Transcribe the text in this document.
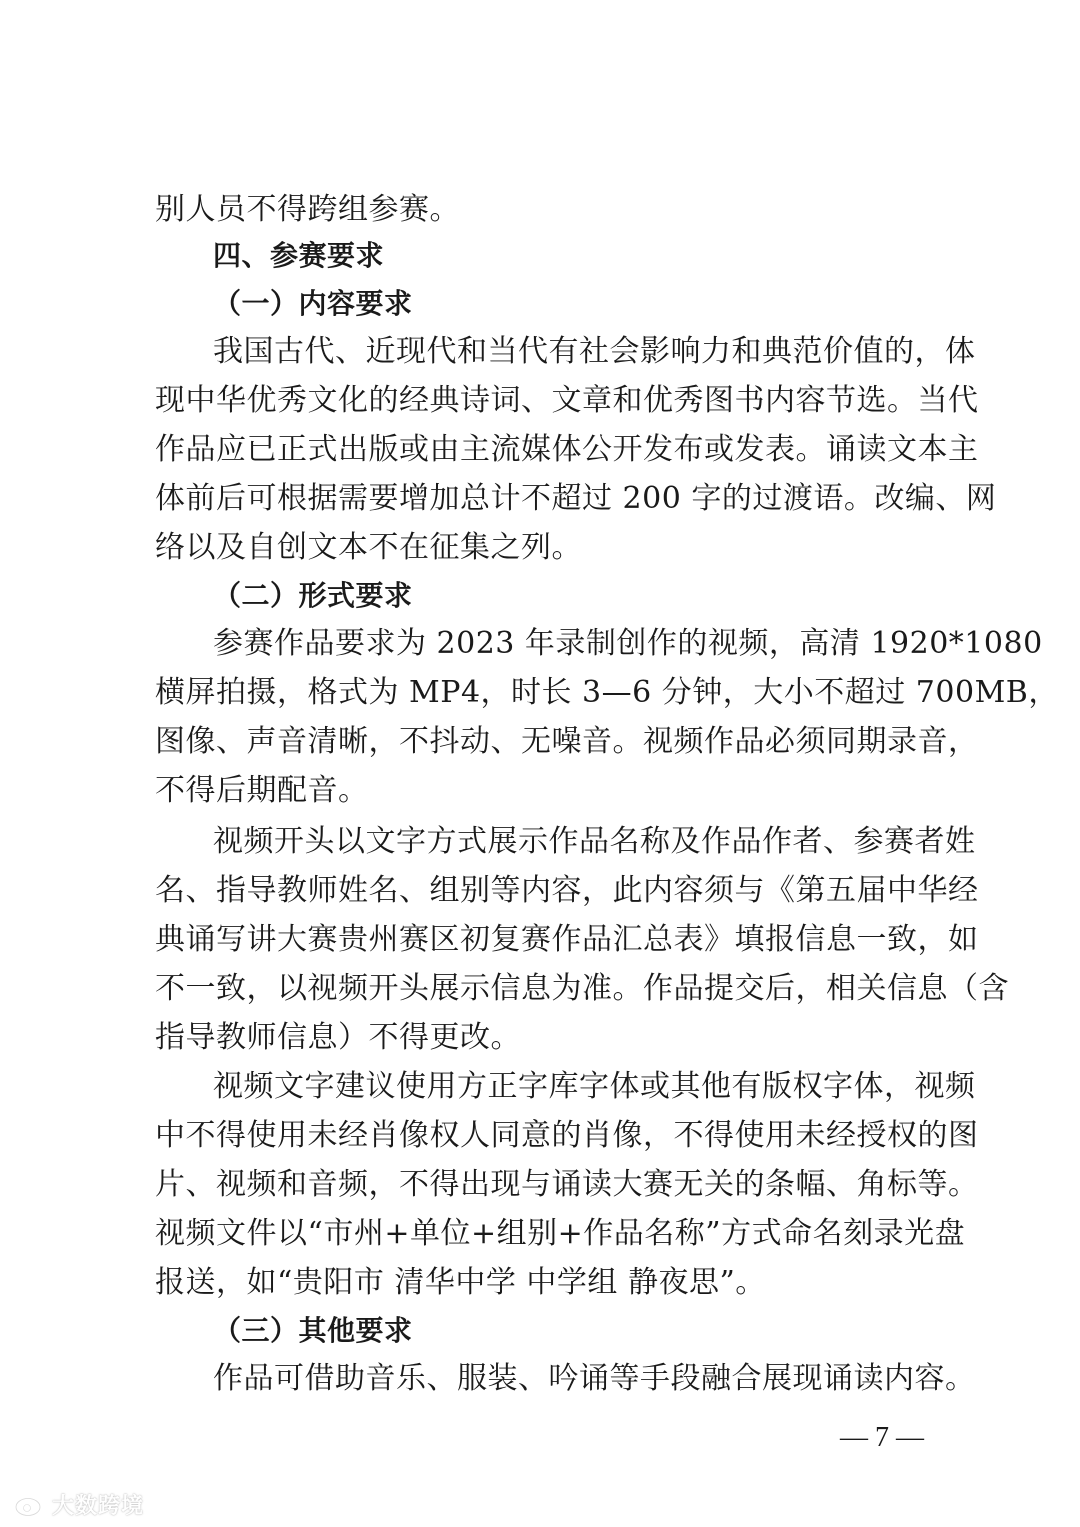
别人员不得跨组参赛。
四、参赛要求
（一）内容要求
我国古代、近现代和当代有社会影响力和典范价值的，体
现中华优秀文化的经典诗词、文章和优秀图书内容节选。当代
作品应已正式出版或由主流媒体公开发布或发表。诵读文本主
体前后可根据需要增加总计不超过 200 字的过渡语。改编、网
络以及自创文本不在征集之列。
（二）形式要求
参赛作品要求为 2023 年录制创作的视频，高清 1920*1080
横屏拍摄，格式为 MP4，时长 3—6 分钟，大小不超过 700MB，
图像、声音清晰，不抖动、无噪音。视频作品必须同期录音，
不得后期配音。
视频开头以文字方式展示作品名称及作品作者、参赛者姓
名、指导教师姓名、组别等内容，此内容须与《第五届中华经
典诵写讲大赛贵州赛区初复赛作品汇总表》填报信息一致，如
不一致，以视频开头展示信息为准。作品提交后，相关信息（含
指导教师信息）不得更改。
视频文字建议使用方正字库字体或其他有版权字体，视频
中不得使用未经肖像权人同意的肖像，不得使用未经授权的图
片、视频和音频，不得出现与诵读大赛无关的条幅、角标等。
视频文件以“市州+单位+组别+作品名称”方式命名刻录光盘
报送，如“贵阳市 清华中学 中学组 静夜思”。
（三）其他要求
作品可借助音乐、服装、吟诵等手段融合展现诵读内容。
— 7 —
大数跨境
